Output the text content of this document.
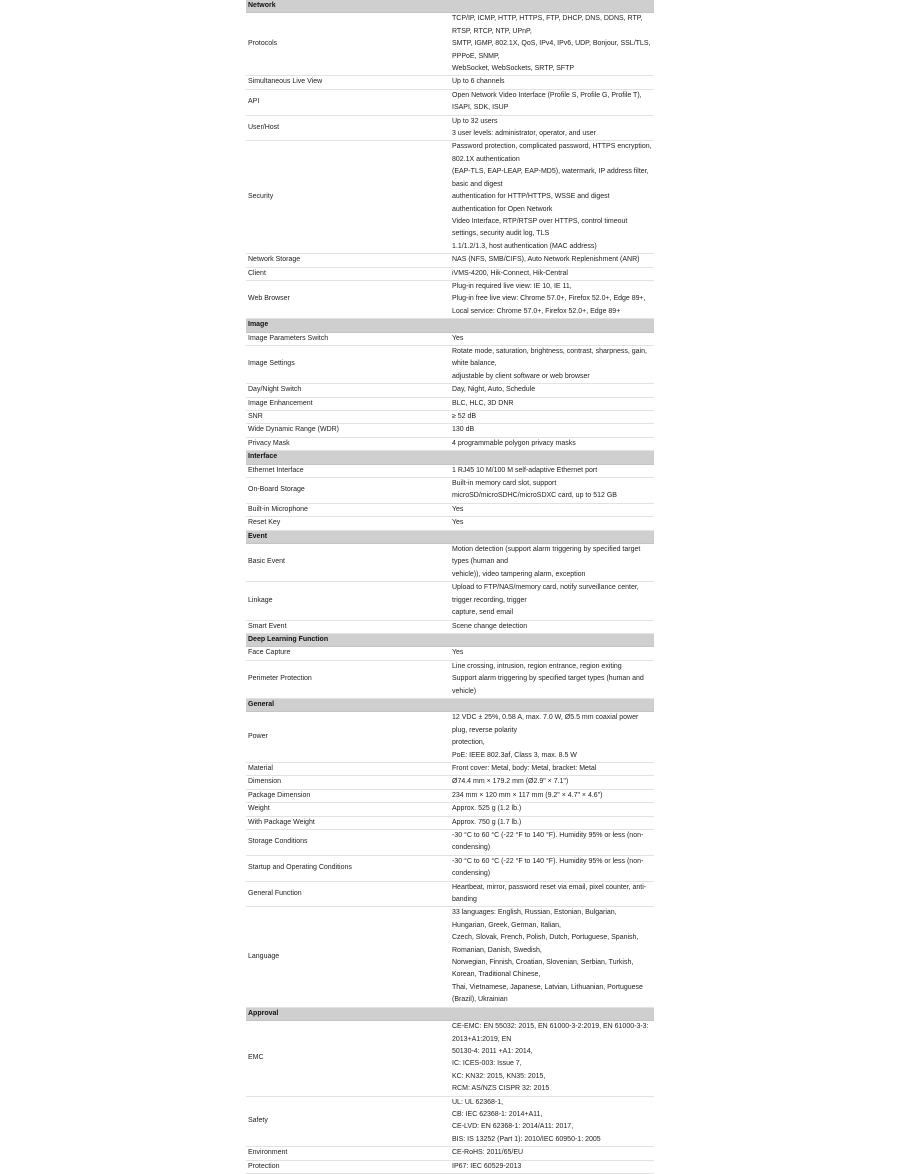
Network	
Protocols	TCP/IP, ICMP, HTTP, HTTPS, FTP, DHCP, DNS, DDNS, RTP, RTSP, RTCP, NTP, UPnP,
SMTP, IGMP, 802.1X, QoS, IPv4, IPv6, UDP, Bonjour, SSL/TLS, PPPoE, SNMP,
WebSocket, WebSockets, SRTP, SFTP

Simultaneous Live View	Up to 6 channels

API	Open Network Video Interface (Profile S, Profile G, Profile T), ISAPI, SDK, ISUP

User/Host	Up to 32 users
3 user levels: administrator, operator, and user

Security	Password protection, complicated password, HTTPS encryption, 802.1X authentication
(EAP-TLS, EAP-LEAP, EAP-MD5), watermark, IP address filter, basic and digest
authentication for HTTP/HTTPS, WSSE and digest authentication for Open Network
Video Interface, RTP/RTSP over HTTPS, control timeout settings, security audit log, TLS
1.1/1.2/1.3, host authentication (MAC address)

Network Storage	NAS (NFS, SMB/CIFS), Auto Network Replenishment (ANR)

Client	iVMS-4200, Hik-Connect, Hik-Central

Web Browser	Plug-in required live view: IE 10, IE 11,
Plug-in free live view: Chrome 57.0+, Firefox 52.0+, Edge 89+,
Local service: Chrome 57.0+, Firefox 52.0+, Edge 89+

Image	
Image Parameters Switch	Yes

Image Settings	Rotate mode, saturation, brightness, contrast, sharpness, gain, white balance,
adjustable by client software or web browser

Day/Night Switch	Day, Night, Auto, Schedule

Image Enhancement	BLC, HLC, 3D DNR

SNR	≥ 52 dB

Wide Dynamic Range (WDR)	130 dB

Privacy Mask	4 programmable polygon privacy masks

Interface	
Ethernet Interface	1 RJ45 10 M/100 M self-adaptive Ethernet port

On-Board Storage	Built-in memory card slot, support microSD/microSDHC/microSDXC card, up to 512 GB

Built-in Microphone	Yes

Reset Key	Yes

Event	
Basic Event	Motion detection (support alarm triggering by specified target types (human and
vehicle)), video tampering alarm, exception

Linkage	Upload to FTP/NAS/memory card, notify surveillance center, trigger recording, trigger
capture, send email

Smart Event	Scene change detection

Deep Learning Function	
Face Capture	Yes

Perimeter Protection	Line crossing, intrusion, region entrance, region exiting
Support alarm triggering by specified target types (human and vehicle)

General	
Power	12 VDC ± 25%, 0.58 A, max. 7.0 W, Ø5.5 mm coaxial power plug, reverse polarity
protection,
PoE: IEEE 802.3af, Class 3, max. 8.5 W

Material	Front cover: Metal, body: Metal, bracket: Metal

Dimension	Ø74.4 mm × 179.2 mm (Ø2.9" × 7.1")

Package Dimension	234 mm × 120 mm × 117 mm (9.2" × 4.7" × 4.6")

Weight	Approx. 525 g (1.2 lb.)

With Package Weight	Approx. 750 g (1.7 lb.)

Storage Conditions	-30 °C to 60 °C (-22 °F to 140 °F). Humidity 95% or less (non-condensing)

Startup and Operating Conditions	-30 °C to 60 °C (-22 °F to 140 °F). Humidity 95% or less (non-condensing)

General Function	Heartbeat, mirror, password reset via email, pixel counter, anti-banding

Language	33 languages: English, Russian, Estonian, Bulgarian, Hungarian, Greek, German, Italian,
Czech, Slovak, French, Polish, Dutch, Portuguese, Spanish, Romanian, Danish, Swedish,
Norwegian, Finnish, Croatian, Slovenian, Serbian, Turkish, Korean, Traditional Chinese,
Thai, Vietnamese, Japanese, Latvian, Lithuanian, Portuguese (Brazil), Ukrainian

Approval	
EMC	CE-EMC: EN 55032: 2015, EN 61000-3-2:2019, EN 61000-3-3: 2013+A1:2019, EN
50130-4: 2011 +A1: 2014,
IC: ICES-003: Issue 7,
KC: KN32: 2015, KN35: 2015,
RCM: AS/NZS CISPR 32: 2015

Safety	UL: UL 62368-1,
CB: IEC 62368-1: 2014+A11,
CE-LVD: EN 62368-1: 2014/A11: 2017,
BIS: IS 13252 (Part 1): 2010/IEC 60950-1: 2005

Environment	CE-RoHS: 2011/65/EU

Protection	IP67: IEC 60529-2013
